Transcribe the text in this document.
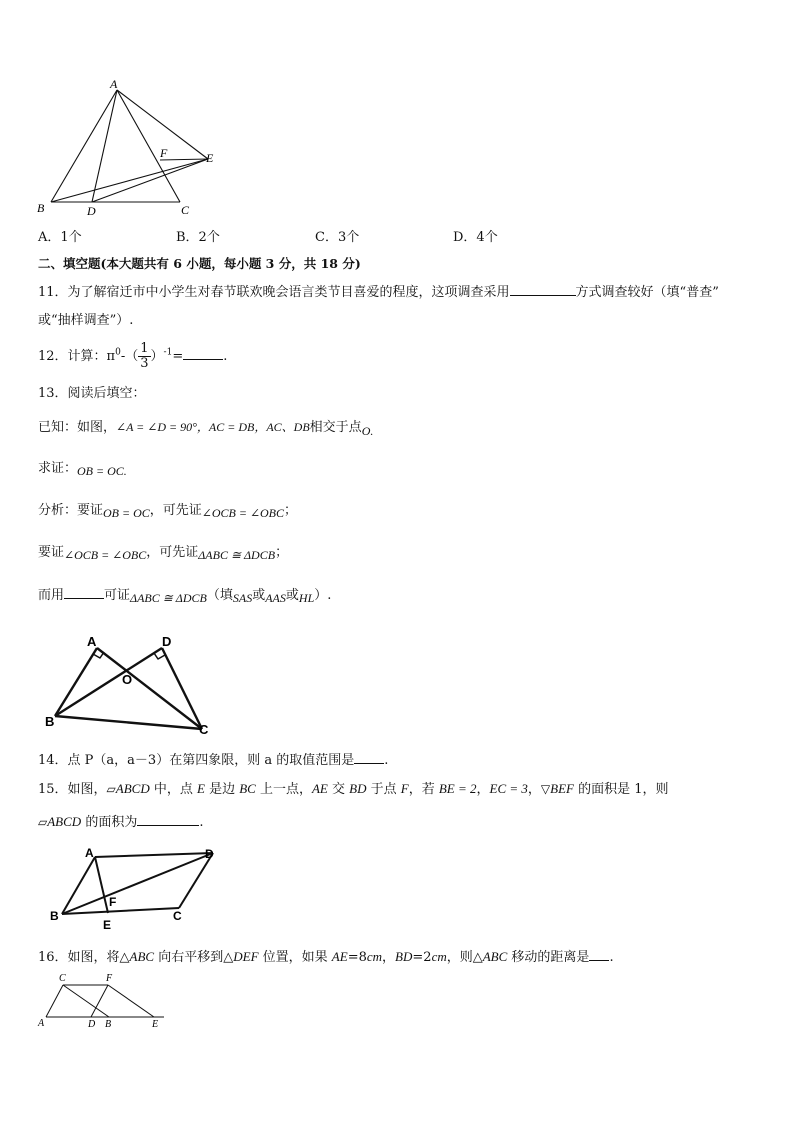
A
F	E
B	D	C
A．1个	B．2个	C．3个	D．4个
二、填空题(本大题共有 6 小题，每小题 3 分，共 18 分)
11．为了解宿迁市中小学生对春节联欢晚会语言类节目喜爱的程度，这项调查采用	方式调查较好（填“普查”
或“抽样调查”）.
12．计算：$\pi^0-( \frac{1}{3} )^{-1}=$	.
13．阅读后填空：
已知：如图，∠A = ∠D = 90°，AC = DB，AC、DB相交于点O.
求证：OB = OC.
分析：要证OB = OC，可先证∠OCB = ∠OBC；
要证∠OCB = ∠OBC，可先证ΔABC ≅ ΔDCB；
而用	可证ΔABC ≅ ΔDCB（填SAS或AAS或HL）.
A	D
O
B
C
14．点 P（a，a－3）在第四象限，则 a 的取值范围是 .
15．如图，▱ABCD 中，点 E 是边 BC 上一点，AE 交 BD 于点 F，若 BE = 2，EC = 3，▽BEF 的面积是 1，则
▱ABCD 的面积为	.
A	D
F
B
E
C
16．如图，将△ABC 向右平移到△DEF 位置，如果 AE=8cm，BD=2cm，则△ABC 移动的距离是 .
C	F
A	D B	E
